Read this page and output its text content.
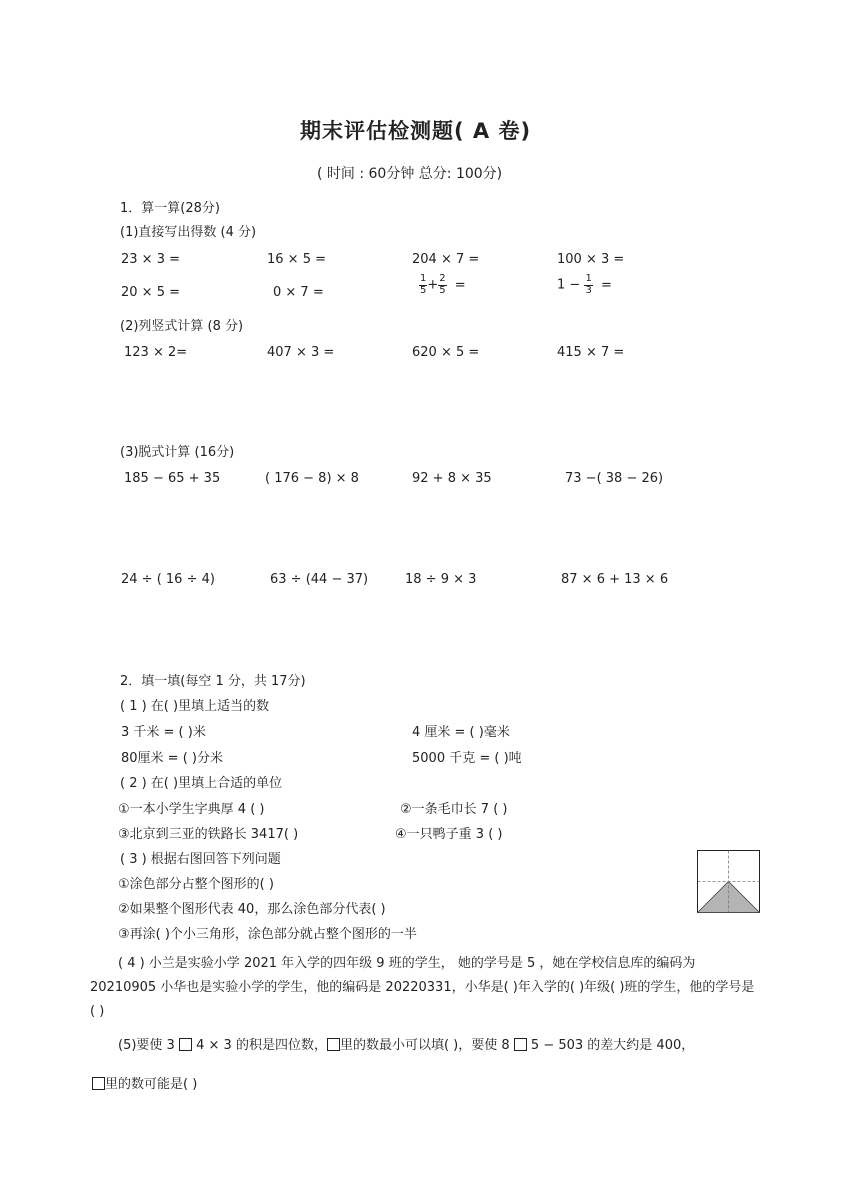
期末评估检测题( A 卷)
( 时间 : 60分钟 总分: 100分)
1．算一算(28分)
(1)直接写出得数 (4 分)
23 × 3 =	16 × 5 =	204 × 7 =	100 × 3 =
20 × 5 =	0 × 7 =	$\frac{1}{5} + \frac{2}{5}$ =	$1 - \frac{1}{3}$ =
(2)列竖式计算 (8 分)
123 × 2=	407 × 3 =	620 × 5 =	415 × 7 =
(3)脱式计算 (16分)
185 − 65 + 35	( 176 − 8) × 8	92 + 8 × 35	73 −( 38 − 26)
24 ÷ ( 16 ÷ 4)	63 ÷ (44 − 37)	18 ÷ 9 × 3	87 × 6 + 13 × 6
2．填一填(每空 1 分，共 17分)
( 1 ) 在( )里填上适当的数
3 千米 = ( )米	4 厘米 = ( )毫米
80厘米 = ( )分米	5000 千克 = ( )吨
( 2 ) 在( )里填上合适的单位
①一本小学生字典厚 4 ( )	②一条毛巾长 7 ( )
③北京到三亚的铁路长 3417( )	④一只鸭子重 3 ( )
( 3 ) 根据右图回答下列问题
①涂色部分占整个图形的( )
②如果整个图形代表 40，那么涂色部分代表( )
③再涂( )个小三角形，涂色部分就占整个图形的一半
( 4 ) 小兰是实验小学 2021 年入学的四年级 9 班的学生， 她的学号是 5 ，她在学校信息库的编码为 20210905 小华也是实验小学的学生，他的编码是 20220331，小华是( )年入学的( )年级( )班的学生，他的学号是( )
(5)要使 3 4 × 3 的积是四位数， 里的数最小可以填( )，要使 8 5 − 503 的差大约是 400，
里的数可能是( )
